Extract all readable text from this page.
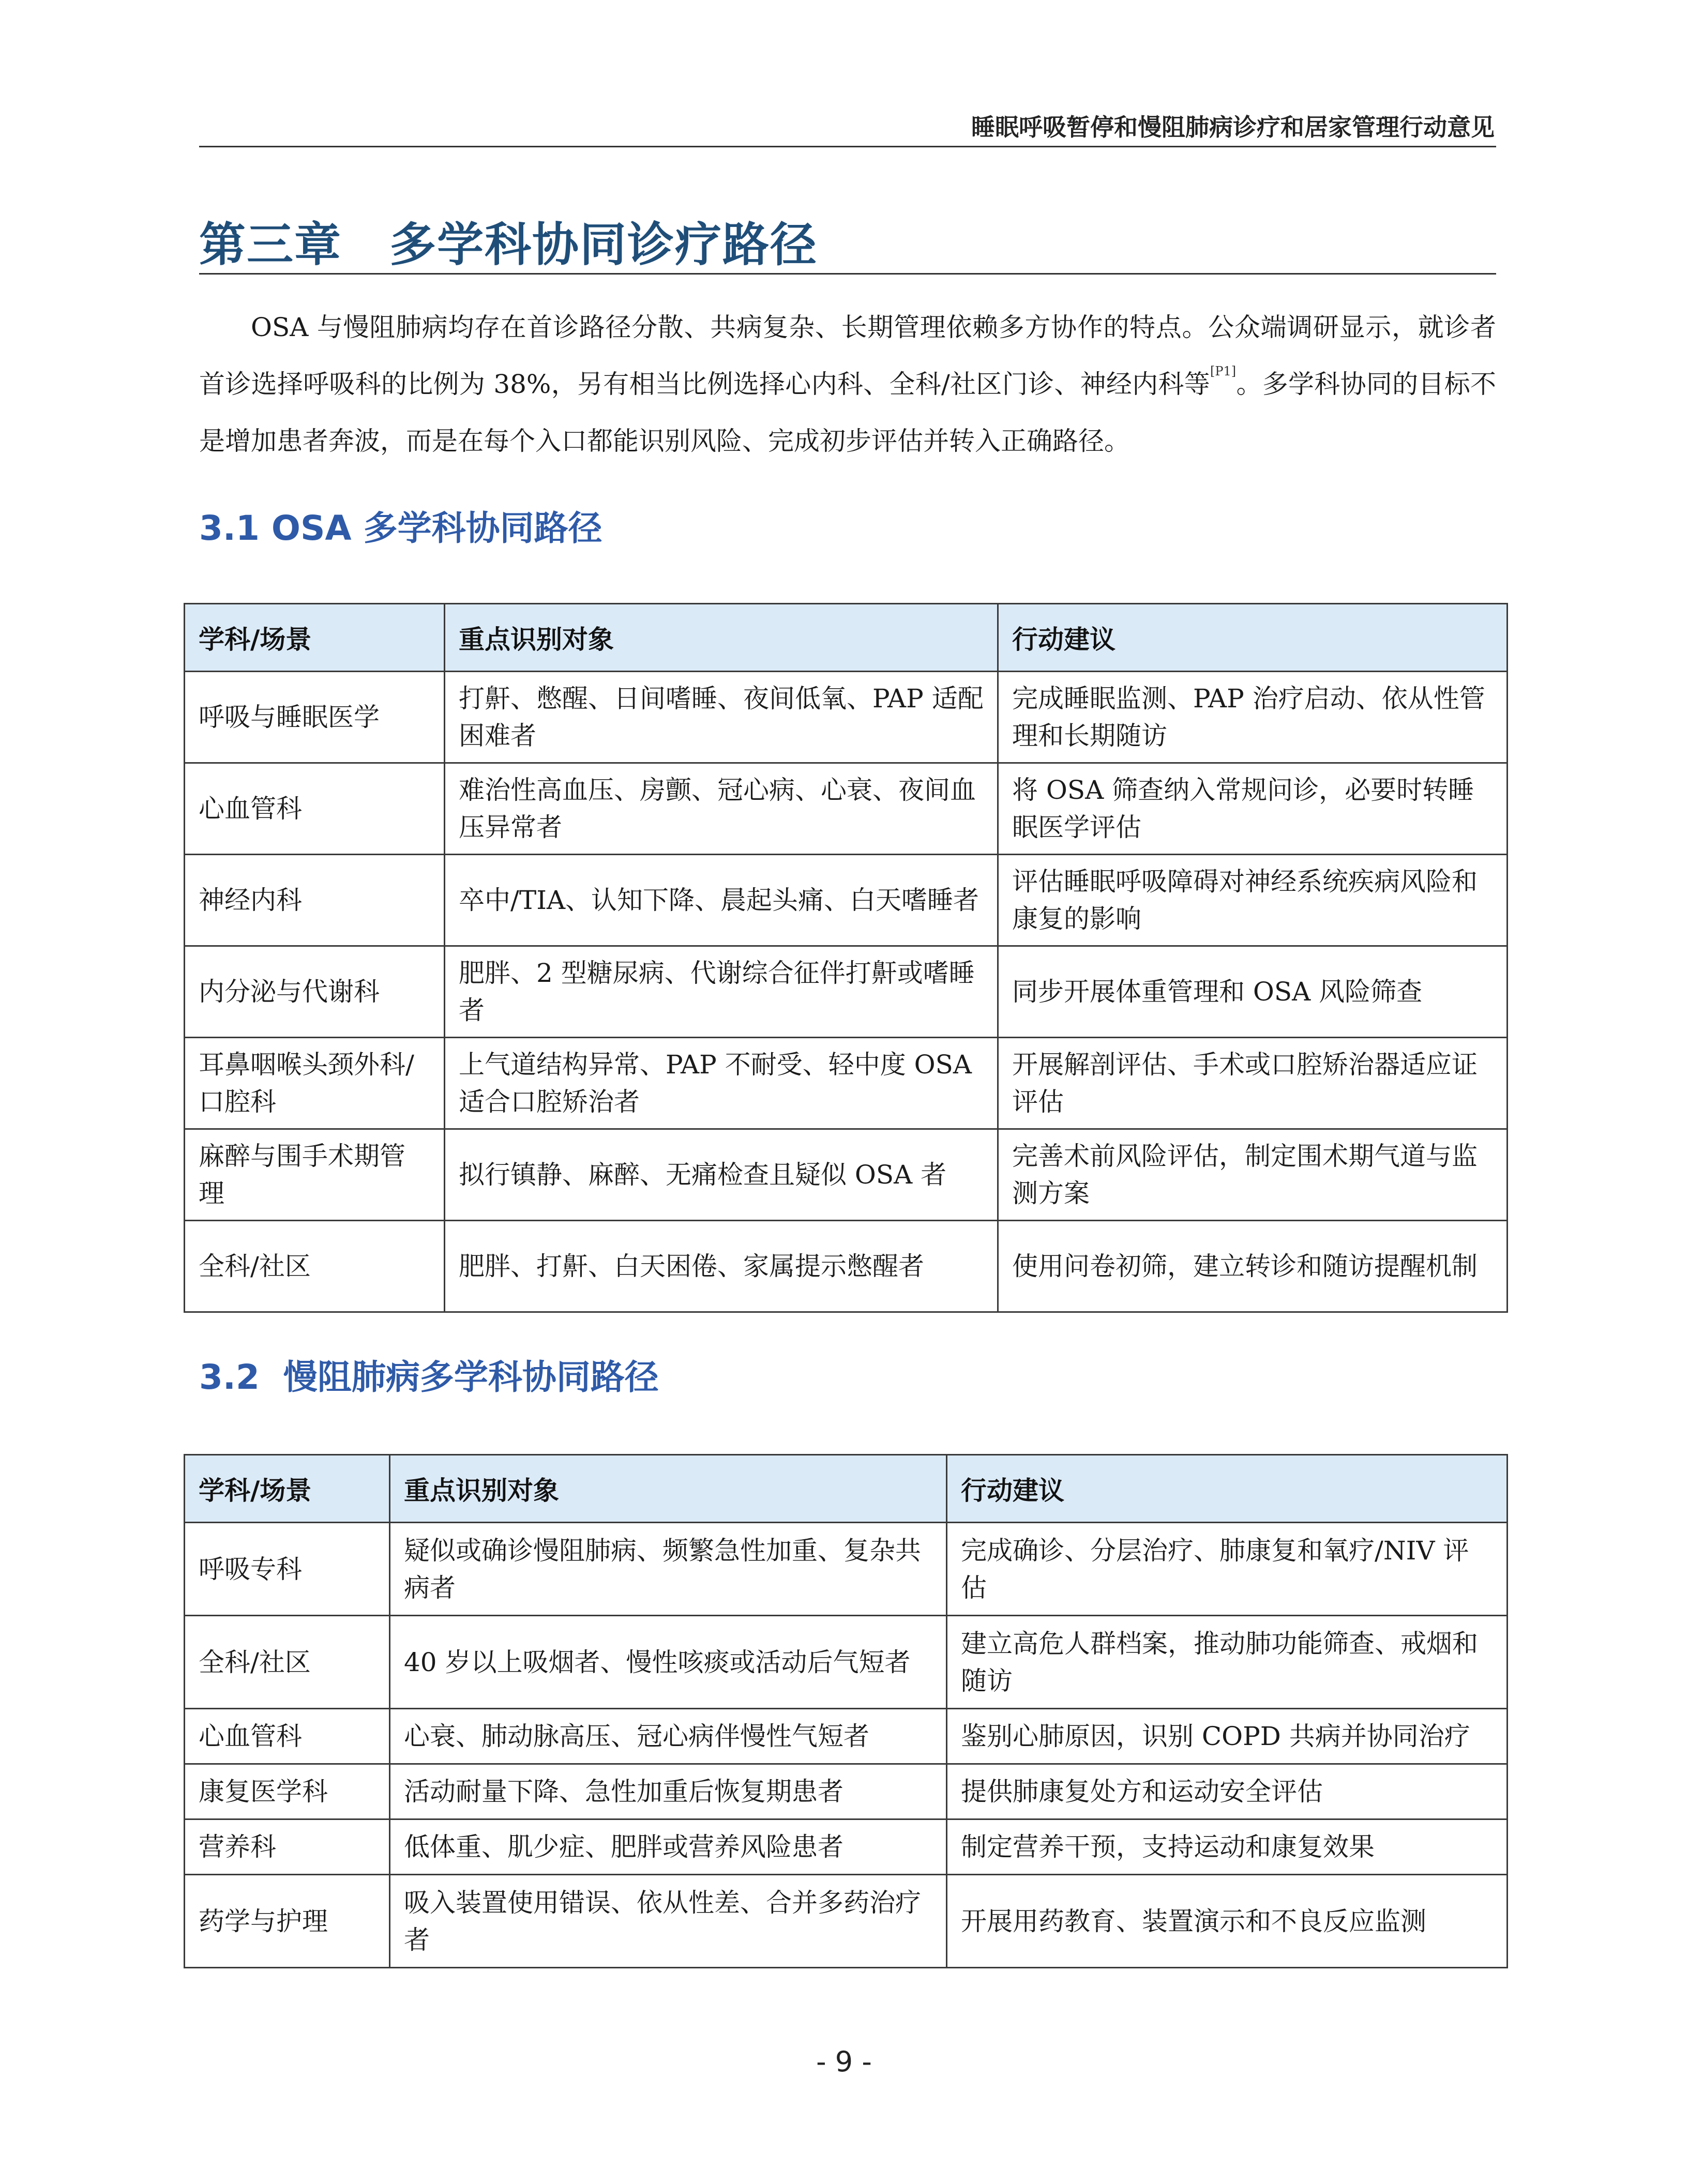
睡眠呼吸暂停和慢阻肺病诊疗和居家管理行动意见
第三章　多学科协同诊疗路径

OSA 与慢阻肺病均存在首诊路径分散、共病复杂、长期管理依赖多方协作的特点。公众端调研显示，就诊者首诊选择呼吸科的比例为 38%，另有相当比例选择心内科、全科/社区门诊、神经内科等[P1]。多学科协同的目标不是增加患者奔波，而是在每个入口都能识别风险、完成初步评估并转入正确路径。

3.1 OSA 多学科协同路径
学科/场景	重点识别对象	行动建议
呼吸与睡眠医学	打鼾、憋醒、日间嗜睡、夜间低氧、PAP 适配困难者	完成睡眠监测、PAP 治疗启动、依从性管理和长期随访
心血管科	难治性高血压、房颤、冠心病、心衰、夜间血压异常者	将 OSA 筛查纳入常规问诊，必要时转睡眠医学评估
神经内科	卒中/TIA、认知下降、晨起头痛、白天嗜睡者	评估睡眠呼吸障碍对神经系统疾病风险和康复的影响
内分泌与代谢科	肥胖、2 型糖尿病、代谢综合征伴打鼾或嗜睡者	同步开展体重管理和 OSA 风险筛查
耳鼻咽喉头颈外科/口腔科	上气道结构异常、PAP 不耐受、轻中度 OSA 适合口腔矫治者	开展解剖评估、手术或口腔矫治器适应证评估
麻醉与围手术期管理	拟行镇静、麻醉、无痛检查且疑似 OSA 者	完善术前风险评估，制定围术期气道与监测方案
全科/社区	肥胖、打鼾、白天困倦、家属提示憋醒者	使用问卷初筛，建立转诊和随访提醒机制
3.2  慢阻肺病多学科协同路径
学科/场景	重点识别对象	行动建议
呼吸专科	疑似或确诊慢阻肺病、频繁急性加重、复杂共病者	完成确诊、分层治疗、肺康复和氧疗/NIV 评估
全科/社区	40 岁以上吸烟者、慢性咳痰或活动后气短者	建立高危人群档案，推动肺功能筛查、戒烟和随访
心血管科	心衰、肺动脉高压、冠心病伴慢性气短者	鉴别心肺原因，识别 COPD 共病并协同治疗
康复医学科	活动耐量下降、急性加重后恢复期患者	提供肺康复处方和运动安全评估
营养科	低体重、肌少症、肥胖或营养风险患者	制定营养干预，支持运动和康复效果
药学与护理	吸入装置使用错误、依从性差、合并多药治疗者	开展用药教育、装置演示和不良反应监测
- 9 -
